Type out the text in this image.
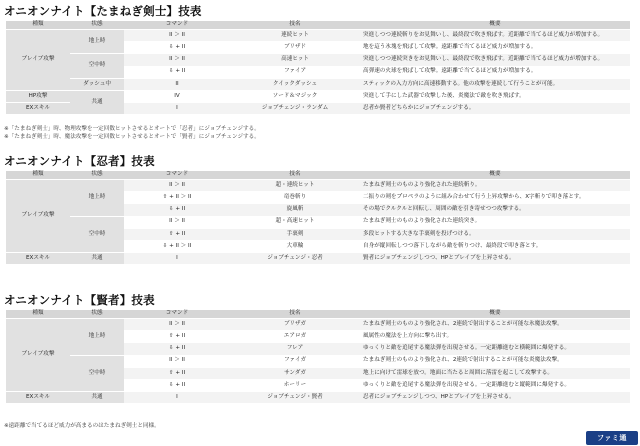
オニオンナイト【たまねぎ剣士】技表
種類	状態	コマンド	技名	概要
ブレイブ攻撃	地上時	II ＞ II	連続ヒット	突進しつつ連続斬りをお見舞いし、最終段で吹き飛ばす。近距離で当てるほど威力が増加する。
		⇩ + II	ブリザド	地を這う氷塊を飛ばして攻撃。遠距離で当てるほど威力が増加する。
	空中時	II ＞ II	高速ヒット	突進しつつ連続突きをお見舞いし、最終段で吹き飛ばす。近距離で当てるほど威力が増加する。
		⇩ + II	ファイア	高弾速の火球を飛ばして攻撃。遠距離で当てるほど威力が増加する。
	ダッシュ中	II	クイックダッシュ	スティックの入力方向に高速移動する。他の攻撃を連続して行うことが可能。
HP攻撃	共通	IV	ソード＆マジック	突進して手にした武器で攻撃した後、炎魔法で敵を吹き飛ばす。
EXスキル		I	ジョブチェンジ・ランダム	忍者か賢者どちらかにジョブチェンジする。
※「たまねぎ剣士」時、物理攻撃を一定回数ヒットさせるとオートで「忍者」にジョブチェンジする。
※「たまねぎ剣士」時、魔法攻撃を一定回数ヒットさせるとオートで「賢者」にジョブチェンジする。
オニオンナイト【忍者】技表
種類	状態	コマンド	技名	概要
ブレイブ攻撃	地上時	II ＞ II	超・連続ヒット	たまねぎ剣士のものより強化された連続斬り。
		⇧ + II ＞ II	竜巻斬り	二振りの剣をプロペラのように組み合わせて行う上昇攻撃から、X字斬りで叩き落とす。
		⇩ + II	旋風斬	その場でクルクルと回転し、周囲の敵を引き寄せつつ攻撃する。
	空中時	II ＞ II	超・高速ヒット	たまねぎ剣士のものより強化された連続突き。
		⇧ + II	手裏剣	多段ヒットする大きな手裏剣を投げつける。
		⇩ + II ＞ II	大車輪	自身が縦回転しつつ落下しながら敵を斬りつけ、最終段で叩き落とす。
EXスキル	共通	I	ジョブチェンジ・忍者	賢者にジョブチェンジしつつ、HPとブレイブを上昇させる。
オニオンナイト【賢者】技表
種類	状態	コマンド	技名	概要
ブレイブ攻撃	地上時	II ＞ II	ブリザガ	たまねぎ剣士のものより強化され、2連続で射出することが可能な氷魔法攻撃。
		⇧ + II	エアロガ	風属性の魔法を上方向に撃ち出す。
		⇩ + II	フレア	ゆっくりと敵を追尾する魔法弾を出現させる。一定距離進むと横範囲に爆発する。
	空中時	II ＞ II	ファイガ	たまねぎ剣士のものより強化され、2連続で射出することが可能な炎魔法攻撃。
		⇧ + II	サンダガ	地上に向けて雷球を放つ。地面に当たると周囲に落雷を起こして攻撃する。
		⇩ + II	ホーリー	ゆっくりと敵を追尾する魔法弾を出現させる。一定距離進むと縦範囲に爆発する。
EXスキル	共通	I	ジョブチェンジ・賢者	忍者にジョブチェンジしつつ、HPとブレイブを上昇させる。
※遠距離で当てるほど威力が高まるのはたまねぎ剣士と同様。
ファミ通
